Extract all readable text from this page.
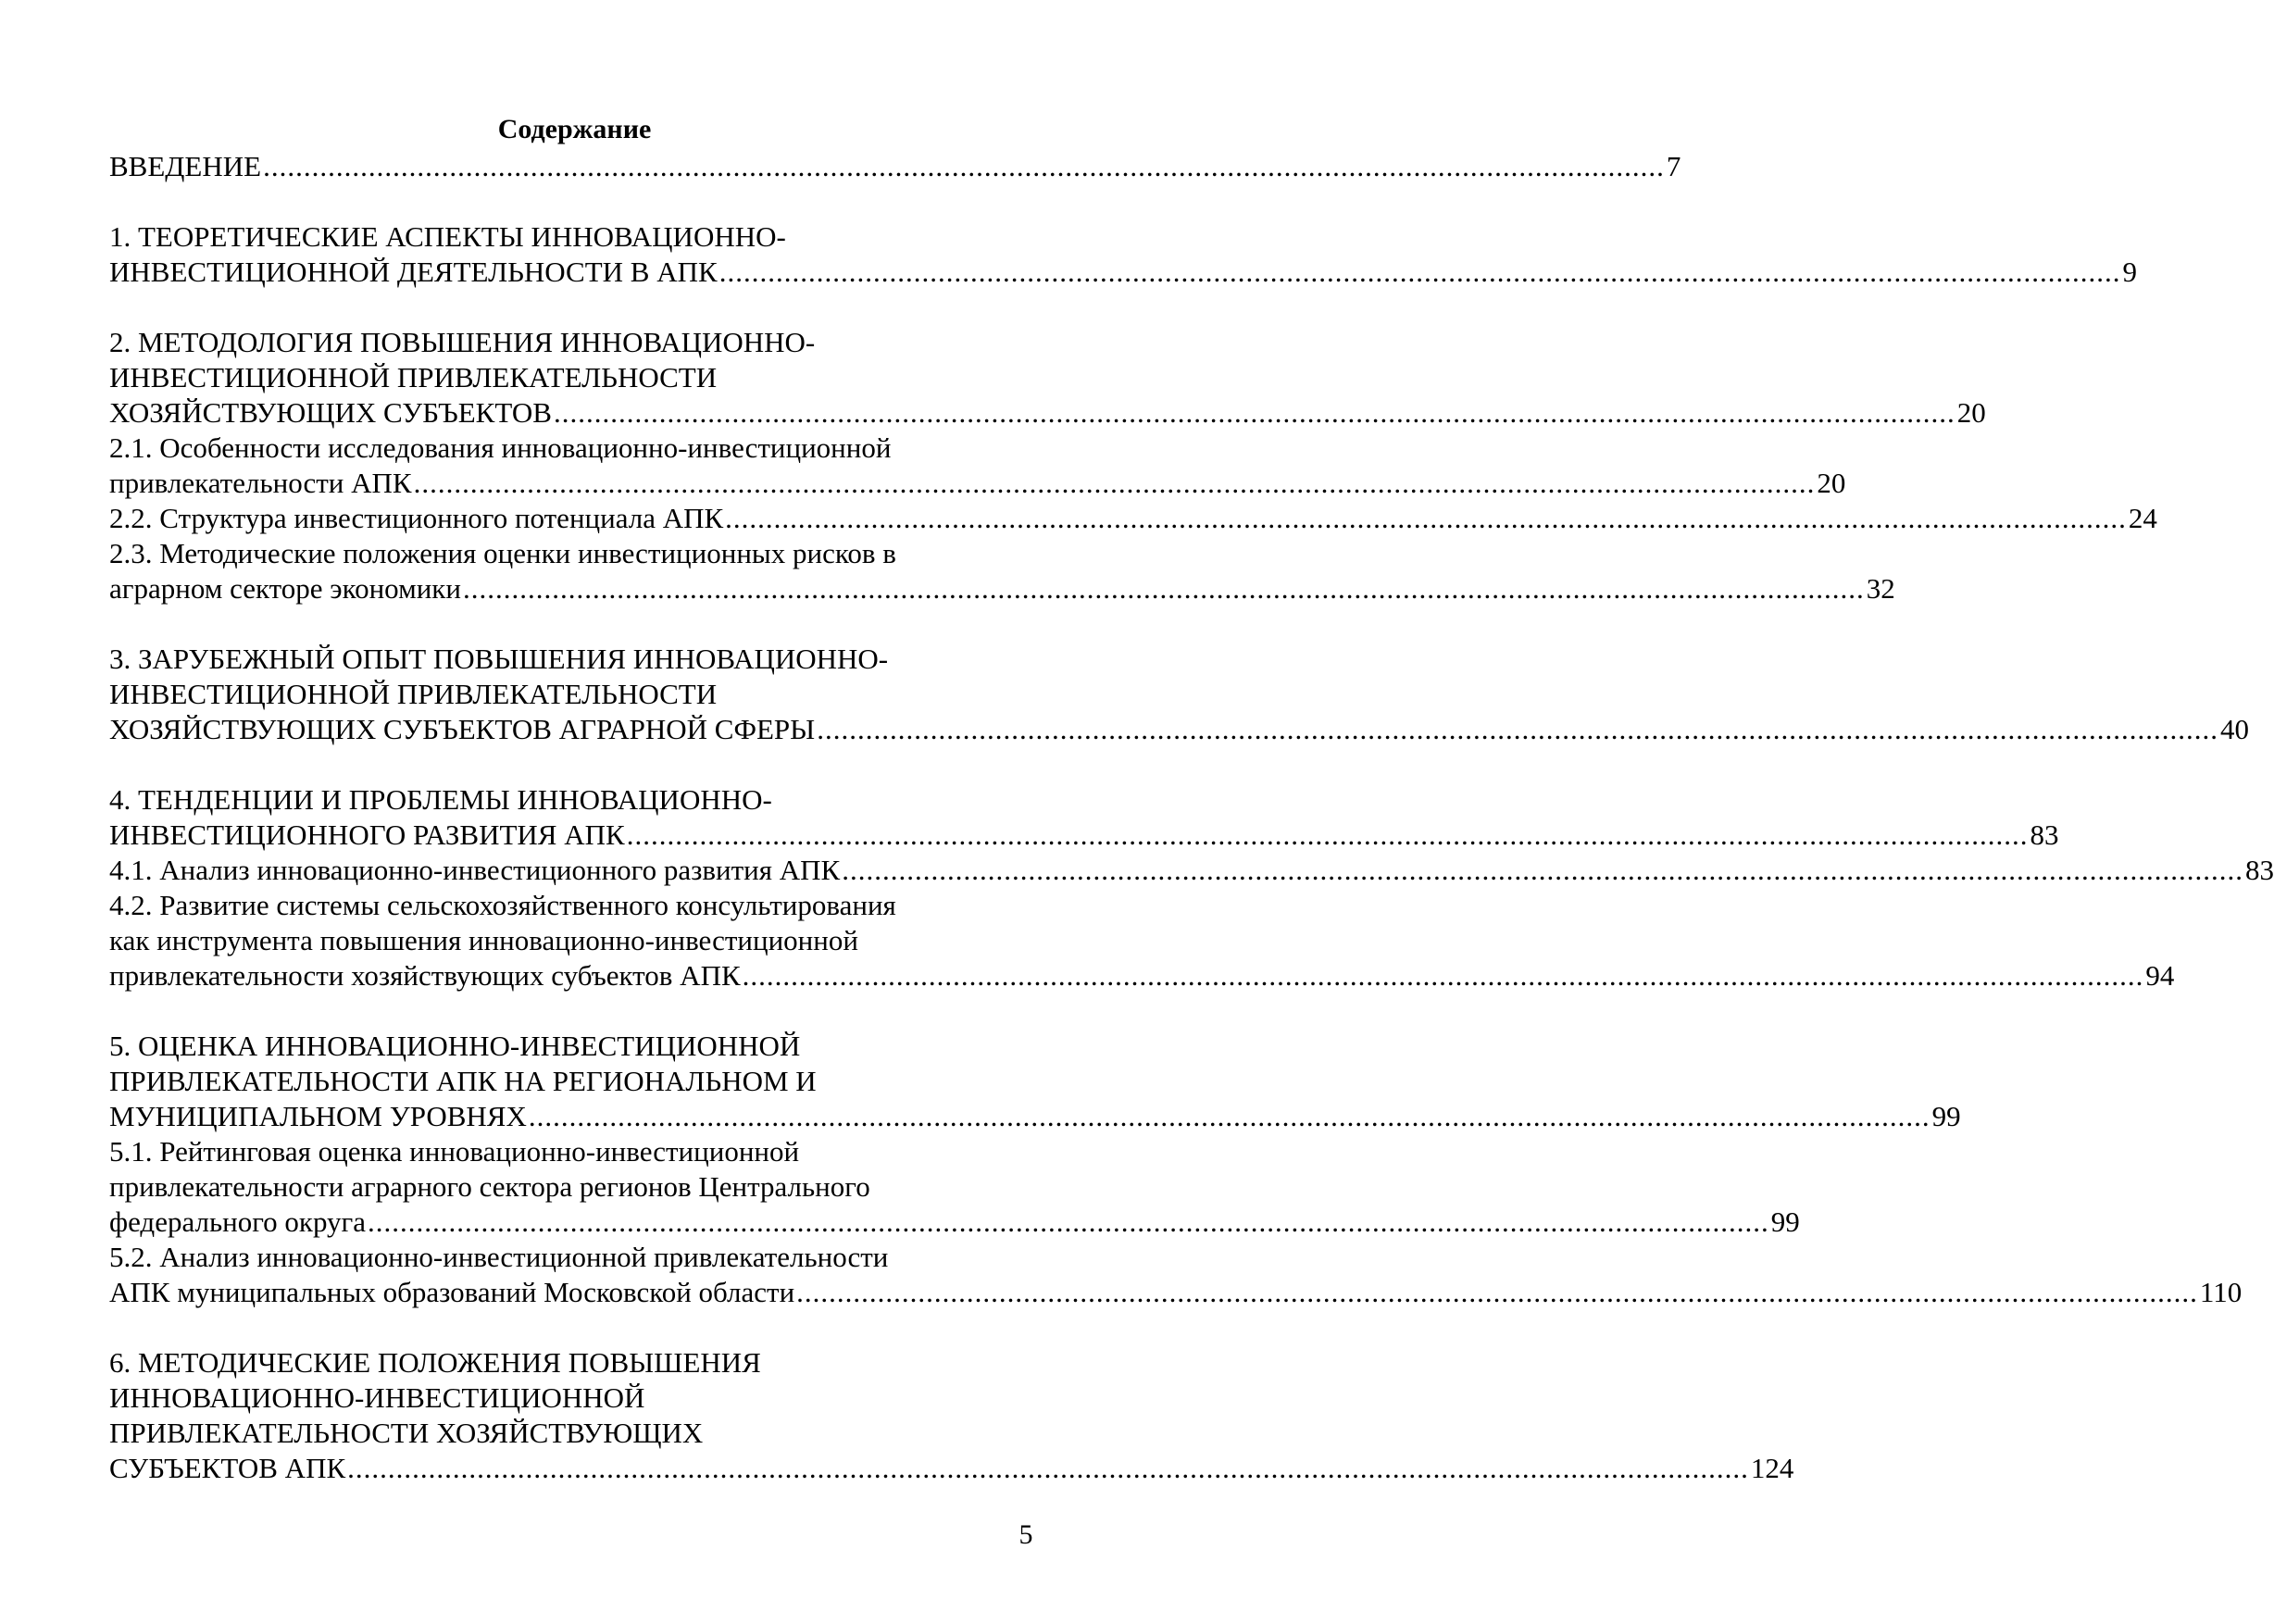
Содержание
ВВЕДЕНИЕ ............................................................................................................................................................................. 7
1. ТЕОРЕТИЧЕСКИЕ АСПЕКТЫ ИННОВАЦИОННО-
ИНВЕСТИЦИОННОЙ ДЕЯТЕЛЬНОСТИ В АПК ............................................................................................................................................................................. 9
2. МЕТОДОЛОГИЯ ПОВЫШЕНИЯ ИННОВАЦИОННО-
ИНВЕСТИЦИОННОЙ ПРИВЛЕКАТЕЛЬНОСТИ
ХОЗЯЙСТВУЮЩИХ СУБЪЕКТОВ ............................................................................................................................................................................. 20
2.1. Особенности исследования инновационно-инвестиционной
привлекательности АПК ............................................................................................................................................................................. 20
2.2. Структура инвестиционного потенциала АПК ............................................................................................................................................................................. 24
2.3. Методические положения оценки инвестиционных рисков в
аграрном секторе экономики ............................................................................................................................................................................. 32
3. ЗАРУБЕЖНЫЙ ОПЫТ ПОВЫШЕНИЯ ИННОВАЦИОННО-
ИНВЕСТИЦИОННОЙ ПРИВЛЕКАТЕЛЬНОСТИ
ХОЗЯЙСТВУЮЩИХ СУБЪЕКТОВ АГРАРНОЙ СФЕРЫ ............................................................................................................................................................................. 40
4. ТЕНДЕНЦИИ И ПРОБЛЕМЫ ИННОВАЦИОННО-
ИНВЕСТИЦИОННОГО РАЗВИТИЯ АПК ............................................................................................................................................................................. 83
4.1. Анализ инновационно-инвестиционного развития АПК ............................................................................................................................................................................. 83
4.2. Развитие системы сельскохозяйственного консультирования
как инструмента повышения инновационно-инвестиционной
привлекательности хозяйствующих субъектов АПК ............................................................................................................................................................................. 94
5. ОЦЕНКА ИННОВАЦИОННО-ИНВЕСТИЦИОННОЙ
ПРИВЛЕКАТЕЛЬНОСТИ АПК НА РЕГИОНАЛЬНОМ И
МУНИЦИПАЛЬНОМ УРОВНЯХ ............................................................................................................................................................................. 99
5.1. Рейтинговая оценка инновационно-инвестиционной
привлекательности аграрного сектора регионов Центрального
федерального округа ............................................................................................................................................................................. 99
5.2. Анализ инновационно-инвестиционной привлекательности
АПК муниципальных образований Московской области ............................................................................................................................................................................. 110
6. МЕТОДИЧЕСКИЕ ПОЛОЖЕНИЯ ПОВЫШЕНИЯ
ИННОВАЦИОННО-ИНВЕСТИЦИОННОЙ
ПРИВЛЕКАТЕЛЬНОСТИ ХОЗЯЙСТВУЮЩИХ
СУБЪЕКТОВ АПК ............................................................................................................................................................................. 124
5
